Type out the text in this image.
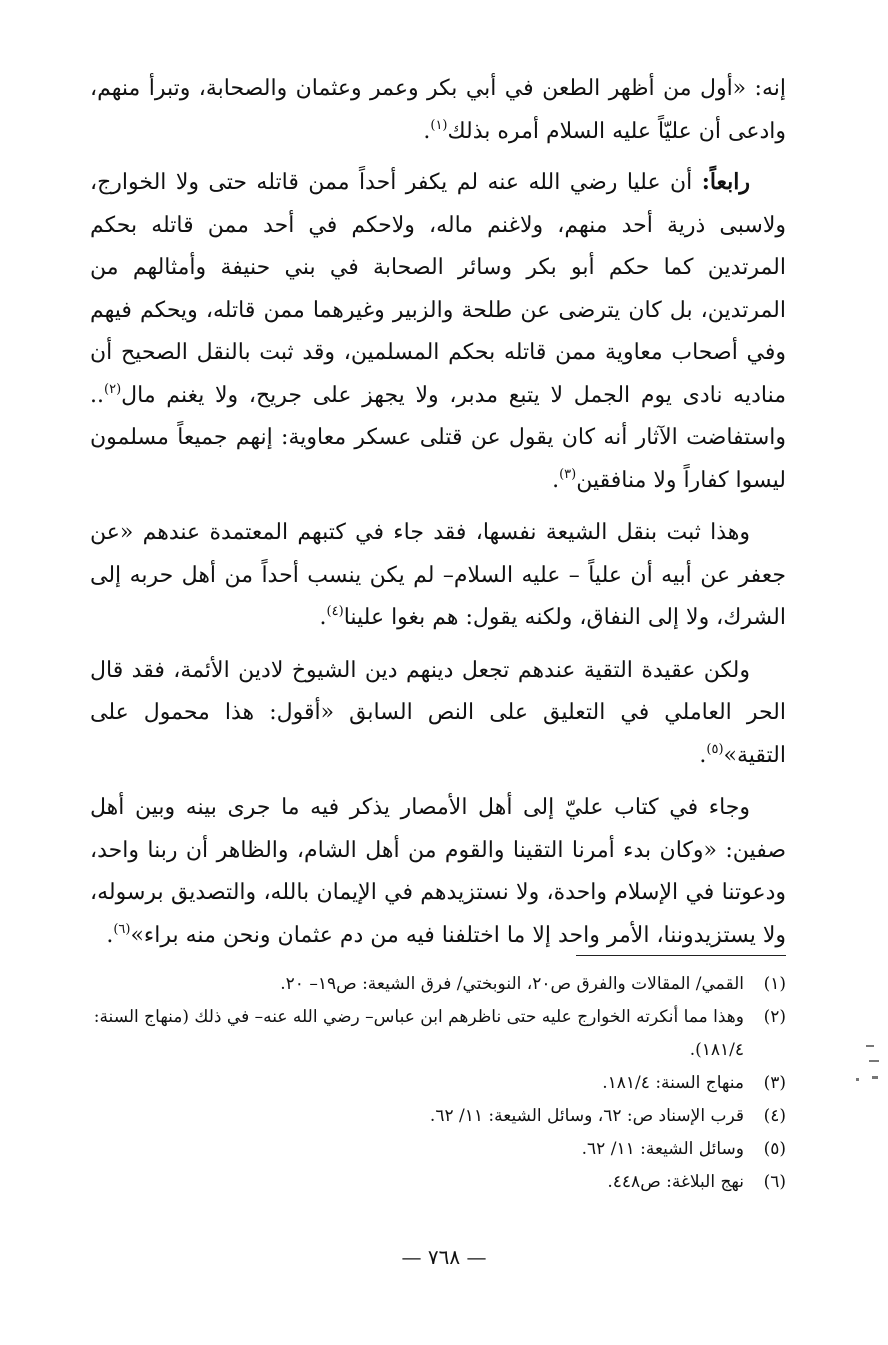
إنه: «أول من أظهر الطعن في أبي بكر وعمر وعثمان والصحابة، وتبرأ منهم، وادعى أن عليّاً عليه السلام أمره بذلك$^{(١)}$.

رابعاً: أن عليا رضي الله عنه لم يكفر أحداً ممن قاتله حتى ولا الخوارج، ولاسبى ذرية أحد منهم، ولاغنم ماله، ولاحكم في أحد ممن قاتله بحكم المرتدين كما حكم أبو بكر وسائر الصحابة في بني حنيفة وأمثالهم من المرتدين، بل كان يترضى عن طلحة والزبير وغيرهما ممن قاتله، ويحكم فيهم وفي أصحاب معاوية ممن قاتله بحكم المسلمين، وقد ثبت بالنقل الصحيح أن مناديه نادى يوم الجمل لا يتبع مدبر، ولا يجهز على جريح، ولا يغنم مال$^{(٢)}$.. واستفاضت الآثار أنه كان يقول عن قتلى عسكر معاوية: إنهم جميعاً مسلمون ليسوا كفاراً ولا منافقين$^{(٣)}$.

وهذا ثبت بنقل الشيعة نفسها، فقد جاء في كتبهم المعتمدة عندهم «عن جعفر عن أبيه أن علياً – عليه السلام– لم يكن ينسب أحداً من أهل حربه إلى الشرك، ولا إلى النفاق، ولكنه يقول: هم بغوا علينا$^{(٤)}$.

ولكن عقيدة التقية عندهم تجعل دينهم دين الشيوخ لادين الأئمة، فقد قال الحر العاملي في التعليق على النص السابق «أقول: هذا محمول على التقية»$^{(٥)}$.

وجاء في كتاب عليّ إلى أهل الأمصار يذكر فيه ما جرى بينه وبين أهل صفين: «وكان بدء أمرنا التقينا والقوم من أهل الشام، والظاهر أن ربنا واحد، ودعوتنا في الإسلام واحدة، ولا نستزيدهم في الإيمان بالله، والتصديق برسوله، ولا يستزيدوننا، الأمر واحد إلا ما اختلفنا فيه من دم عثمان ونحن منه براء»$^{(٦)}$.

(١)
القمي/ المقالات والفرق ص٢٠، النوبختي/ فرق الشيعة: ص١٩– ٢٠.
(٢)
وهذا مما أنكرته الخوارج عليه حتى ناظرهم ابن عباس– رضي الله عنه– في ذلك (منهاج السنة: ١٨١/٤).
(٣)
منهاج السنة: ١٨١/٤.
(٤)
قرب الإسناد ص: ٦٢، وسائل الشيعة: ١١/ ٦٢.
(٥)
وسائل الشيعة: ١١/ ٦٢.
(٦)
نهج البلاغة: ص٤٤٨.
— ٧٦٨ —
